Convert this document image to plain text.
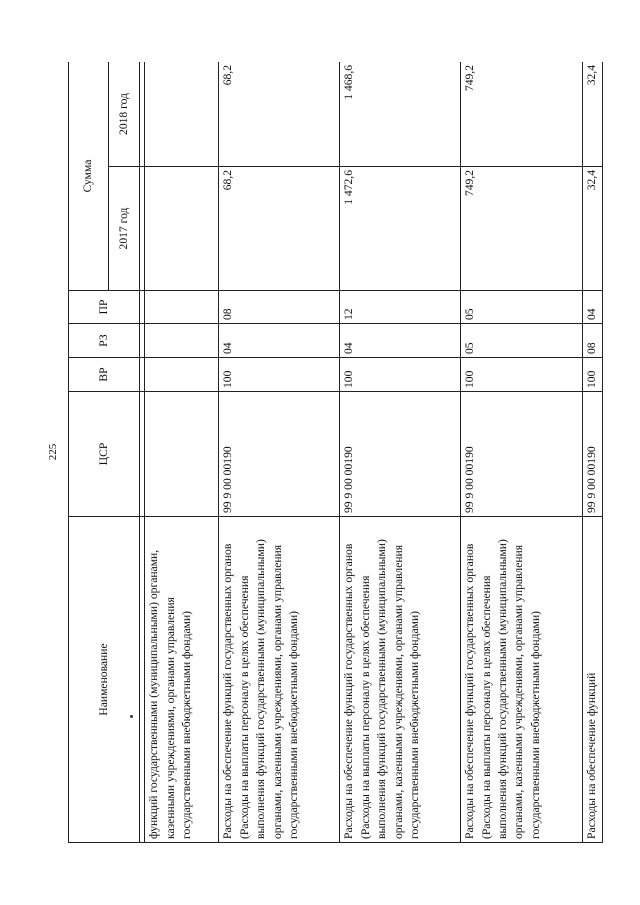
225
Наименование	ЦСР	ВР	РЗ	ПР	Сумма	
					2017 год	2018 год

функций государственными (муниципальными) органами, казенными учреждениями, органами управления государственными внебюджетными фондами)						
Расходы на обеспечение функций государственных органов (Расходы на выплаты персоналу в целях обеспечения выполнения функций государственными (муниципальными) органами, казенными учреждениями, органами управления государственными внебюджетными фондами)	99 9 00 00190	100	04	08	68,2	68,2
Расходы на обеспечение функций государственных органов (Расходы на выплаты персоналу в целях обеспечения выполнения функций государственными (муниципальными) органами, казенными учреждениями, органами управления государственными внебюджетными фондами)	99 9 00 00190	100	04	12	1 472,6	1 468,6
Расходы на обеспечение функций государственных органов (Расходы на выплаты персоналу в целях обеспечения выполнения функций государственными (муниципальными) органами, казенными учреждениями, органами управления государственными внебюджетными фондами)	99 9 00 00190	100	05	05	749,2	749,2
Расходы на обеспечение функций	99 9 00 00190	100	08	04	32,4	32,4
